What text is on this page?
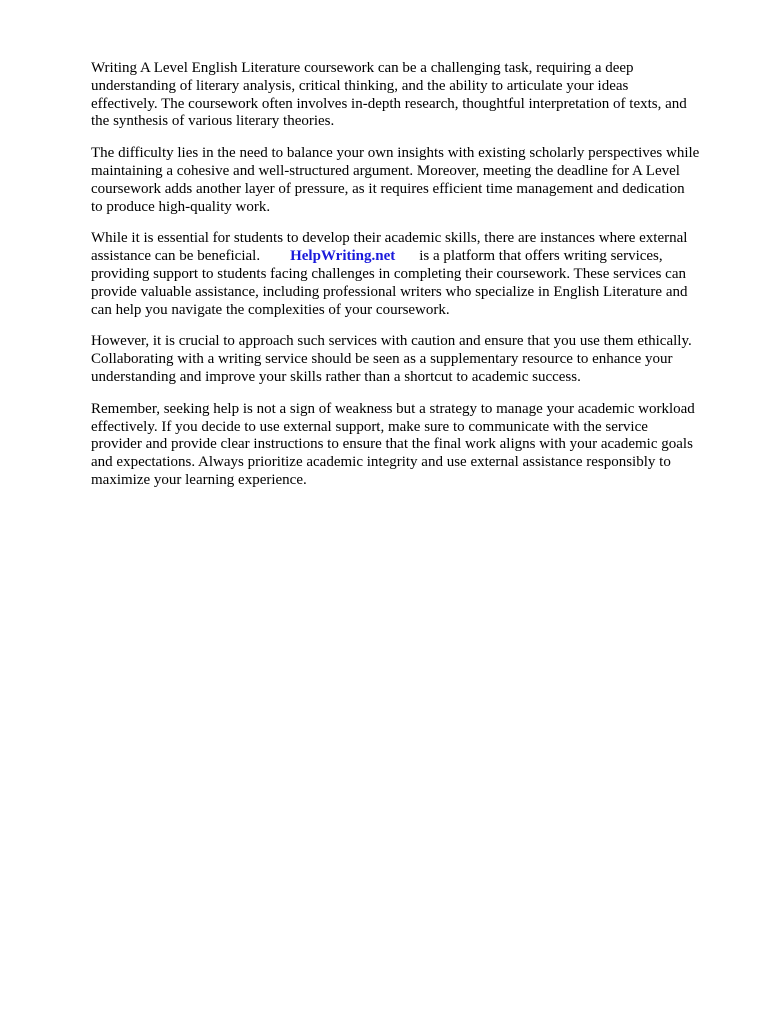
Writing A Level English Literature coursework can be a challenging task, requiring a deep
understanding of literary analysis, critical thinking, and the ability to articulate your ideas
effectively. The coursework often involves in-depth research, thoughtful interpretation of texts, and
the synthesis of various literary theories.

The difficulty lies in the need to balance your own insights with existing scholarly perspectives while
maintaining a cohesive and well-structured argument. Moreover, meeting the deadline for A Level
coursework adds another layer of pressure, as it requires efficient time management and dedication
to produce high-quality work.

While it is essential for students to develop their academic skills, there are instances where external
assistance can be beneficial. HelpWriting.net is a platform that offers writing services,
providing support to students facing challenges in completing their coursework. These services can
provide valuable assistance, including professional writers who specialize in English Literature and
can help you navigate the complexities of your coursework.

However, it is crucial to approach such services with caution and ensure that you use them ethically.
Collaborating with a writing service should be seen as a supplementary resource to enhance your
understanding and improve your skills rather than a shortcut to academic success.

Remember, seeking help is not a sign of weakness but a strategy to manage your academic workload
effectively. If you decide to use external support, make sure to communicate with the service
provider and provide clear instructions to ensure that the final work aligns with your academic goals
and expectations. Always prioritize academic integrity and use external assistance responsibly to
maximize your learning experience.
